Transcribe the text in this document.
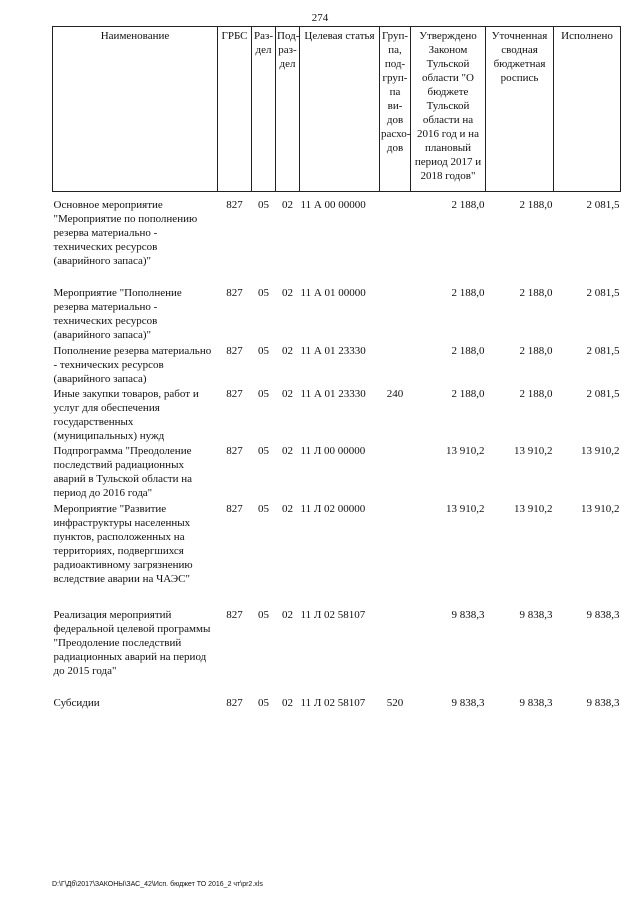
274
Наименование	ГРБС	Раз- дел	Под- раз- дел	Целевая статья	Груп- па, под- груп- па ви- дов расхо- дов	Утверждено Законом Тульской области "О бюджете Тульской области на 2016 год и на плановый период 2017 и 2018 годов"	Уточненная сводная бюджетная роспись	Исполнено

Основное мероприятие "Мероприятие по пополнению резерва материально - технических ресурсов (аварийного запаса)"	827	05	02	11 А 00 00000		2 188,0	2 188,0	2 081,5
Мероприятие "Пополнение резерва материально - технических ресурсов (аварийного запаса)"	827	05	02	11 А 01 00000		2 188,0	2 188,0	2 081,5
Пополнение резерва материально - технических ресурсов (аварийного запаса)	827	05	02	11 А 01 23330		2 188,0	2 188,0	2 081,5
Иные закупки товаров, работ и услуг для обеспечения государственных (муниципальных) нужд	827	05	02	11 А 01 23330	240	2 188,0	2 188,0	2 081,5
Подпрограмма "Преодоление последствий радиационных аварий в Тульской области на период до 2016 года"	827	05	02	11 Л 00 00000		13 910,2	13 910,2	13 910,2
Мероприятие "Развитие инфраструктуры населенных пунктов, расположенных на территориях, подвергшихся радиоактивному загрязнению вследствие аварии на ЧАЭС"	827	05	02	11 Л 02 00000		13 910,2	13 910,2	13 910,2
Реализация мероприятий федеральной целевой программы "Преодоление последствий радиационных аварий на период до 2015 года"	827	05	02	11 Л 02 58107		9 838,3	9 838,3	9 838,3
Субсидии	827	05	02	11 Л 02 58107	520	9 838,3	9 838,3	9 838,3
D:\Г\Дб\2017\ЗАКОНЫ\ЗАС_42\Исп. бюджет ТО 2016_2 чт\pr2.xls
